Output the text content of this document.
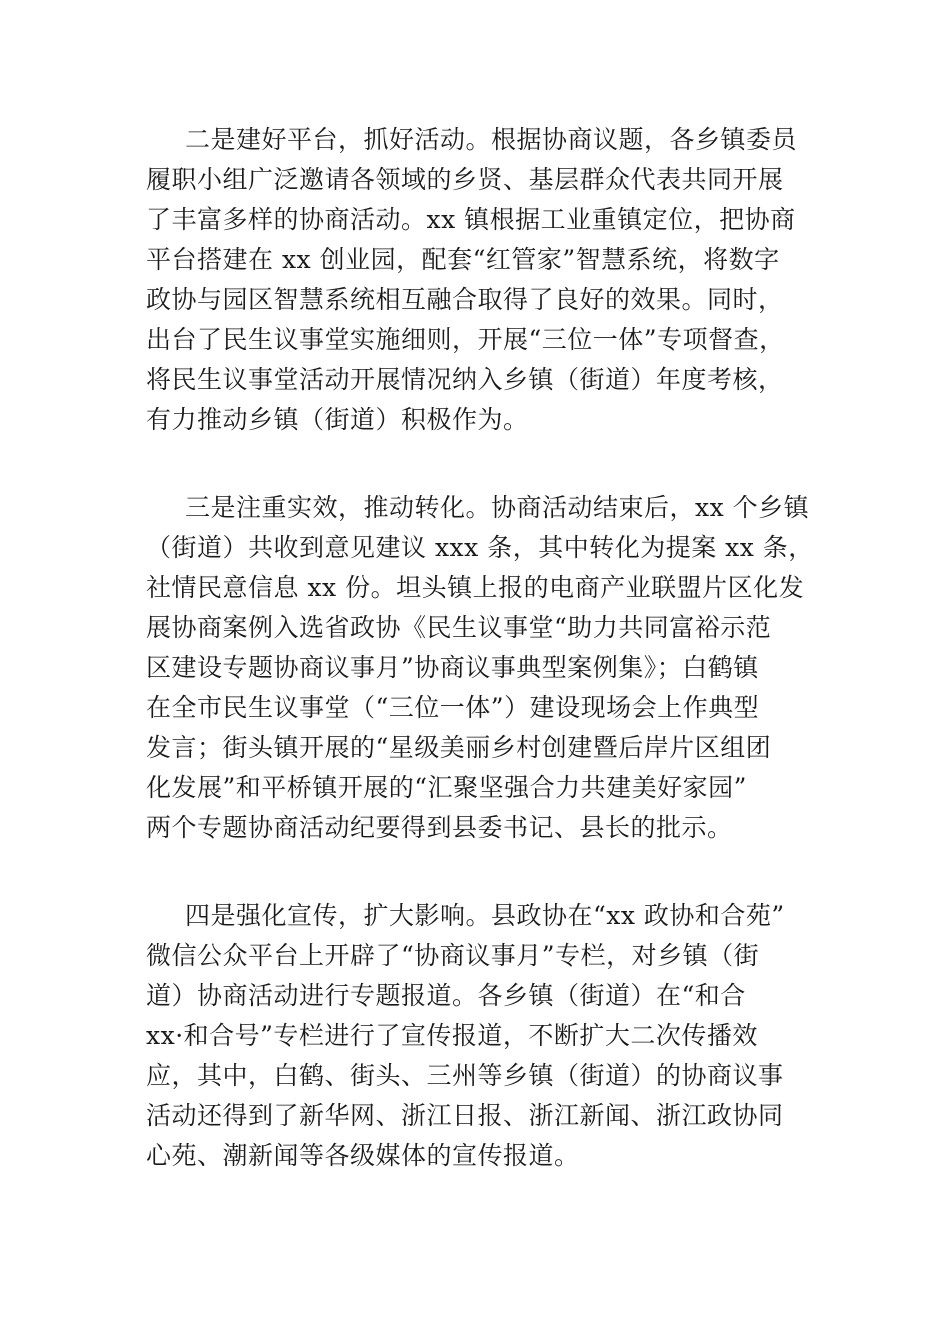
二是建好平台，抓好活动。根据协商议题，各乡镇委员
履职小组广泛邀请各领域的乡贤、基层群众代表共同开展
了丰富多样的协商活动。xx 镇根据工业重镇定位，把协商
平台搭建在 xx 创业园，配套“红管家”智慧系统，将数字
政协与园区智慧系统相互融合取得了良好的效果。同时，
出台了民生议事堂实施细则，开展“三位一体”专项督查，
将民生议事堂活动开展情况纳入乡镇（街道）年度考核，
有力推动乡镇（街道）积极作为。
三是注重实效，推动转化。协商活动结束后，xx 个乡镇
（街道）共收到意见建议 xxx 条，其中转化为提案 xx 条，
社情民意信息 xx 份。坦头镇上报的电商产业联盟片区化发
展协商案例入选省政协《民生议事堂“助力共同富裕示范
区建设专题协商议事月”协商议事典型案例集》；白鹤镇
在全市民生议事堂（“三位一体”）建设现场会上作典型
发言；街头镇开展的“星级美丽乡村创建暨后岸片区组团
化发展”和平桥镇开展的“汇聚坚强合力共建美好家园”
两个专题协商活动纪要得到县委书记、县长的批示。
四是强化宣传，扩大影响。县政协在“xx 政协和合苑”
微信公众平台上开辟了“协商议事月”专栏，对乡镇（街
道）协商活动进行专题报道。各乡镇（街道）在“和合
xx·和合号”专栏进行了宣传报道，不断扩大二次传播效
应，其中，白鹤、街头、三州等乡镇（街道）的协商议事
活动还得到了新华网、浙江日报、浙江新闻、浙江政协同
心苑、潮新闻等各级媒体的宣传报道。
